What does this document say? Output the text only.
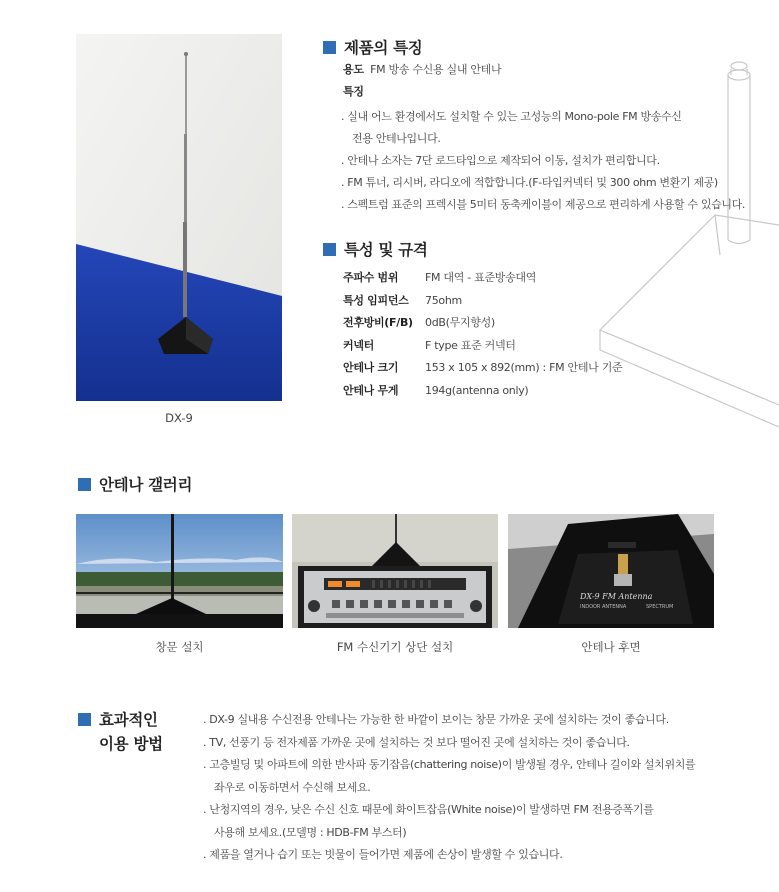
DX-9
제품의 특징
용도 FM 방송 수신용 실내 안테나
특징
. 실내 어느 환경에서도 설치할 수 있는 고성능의 Mono-pole FM 방송수신
전용 안테나입니다.
. 안테나 소자는 7단 로드타입으로 제작되어 이동, 설치가 편리합니다.
. FM 튜너, 리시버, 라디오에 적합합니다.(F-타입커넥터 및 300 ohm 변환기 제공)
. 스펙트럼 표준의 프렉시블 5미터 동축케이블이 제공으로 편리하게 사용할 수 있습니다.
특성 및 규격
주파수 범위 FM 대역 - 표준방송대역
특성 임피던스 75ohm
전후방비(F/B) 0dB(무지향성)
커넥터	F type 표준 커넥터
안테나 크기 153 x 105 x 892(mm) : FM 안테나 기준
안테나 무게 194g(antenna only)
안테나 갤러리
창문 설치	FM 수신기기 상단 설치
DX-9 FM Antenna
INDOOR ANTENNA	SPECTRUM
안테나 후면
효과적인
이용 방법
. DX-9 실내용 수신전용 안테나는 가능한 한 바깥이 보이는 창문 가까운 곳에 설치하는 것이 좋습니다.
. TV, 선풍기 등 전자제품 가까운 곳에 설치하는 것 보다 떨어진 곳에 설치하는 것이 좋습니다.
. 고층빌딩 및 아파트에 의한 반사파 동기잡음(chattering noise)이 발생될 경우, 안테나 길이와 설치위치를
좌우로 이동하면서 수신해 보세요.
. 난청지역의 경우, 낮은 수신 신호 때문에 화이트잡음(White noise)이 발생하면 FM 전용증폭기를
사용해 보세요.(모델명 : HDB-FM 부스터)
. 제품을 열거나 습기 또는 빗물이 들어가면 제품에 손상이 발생할 수 있습니다.
